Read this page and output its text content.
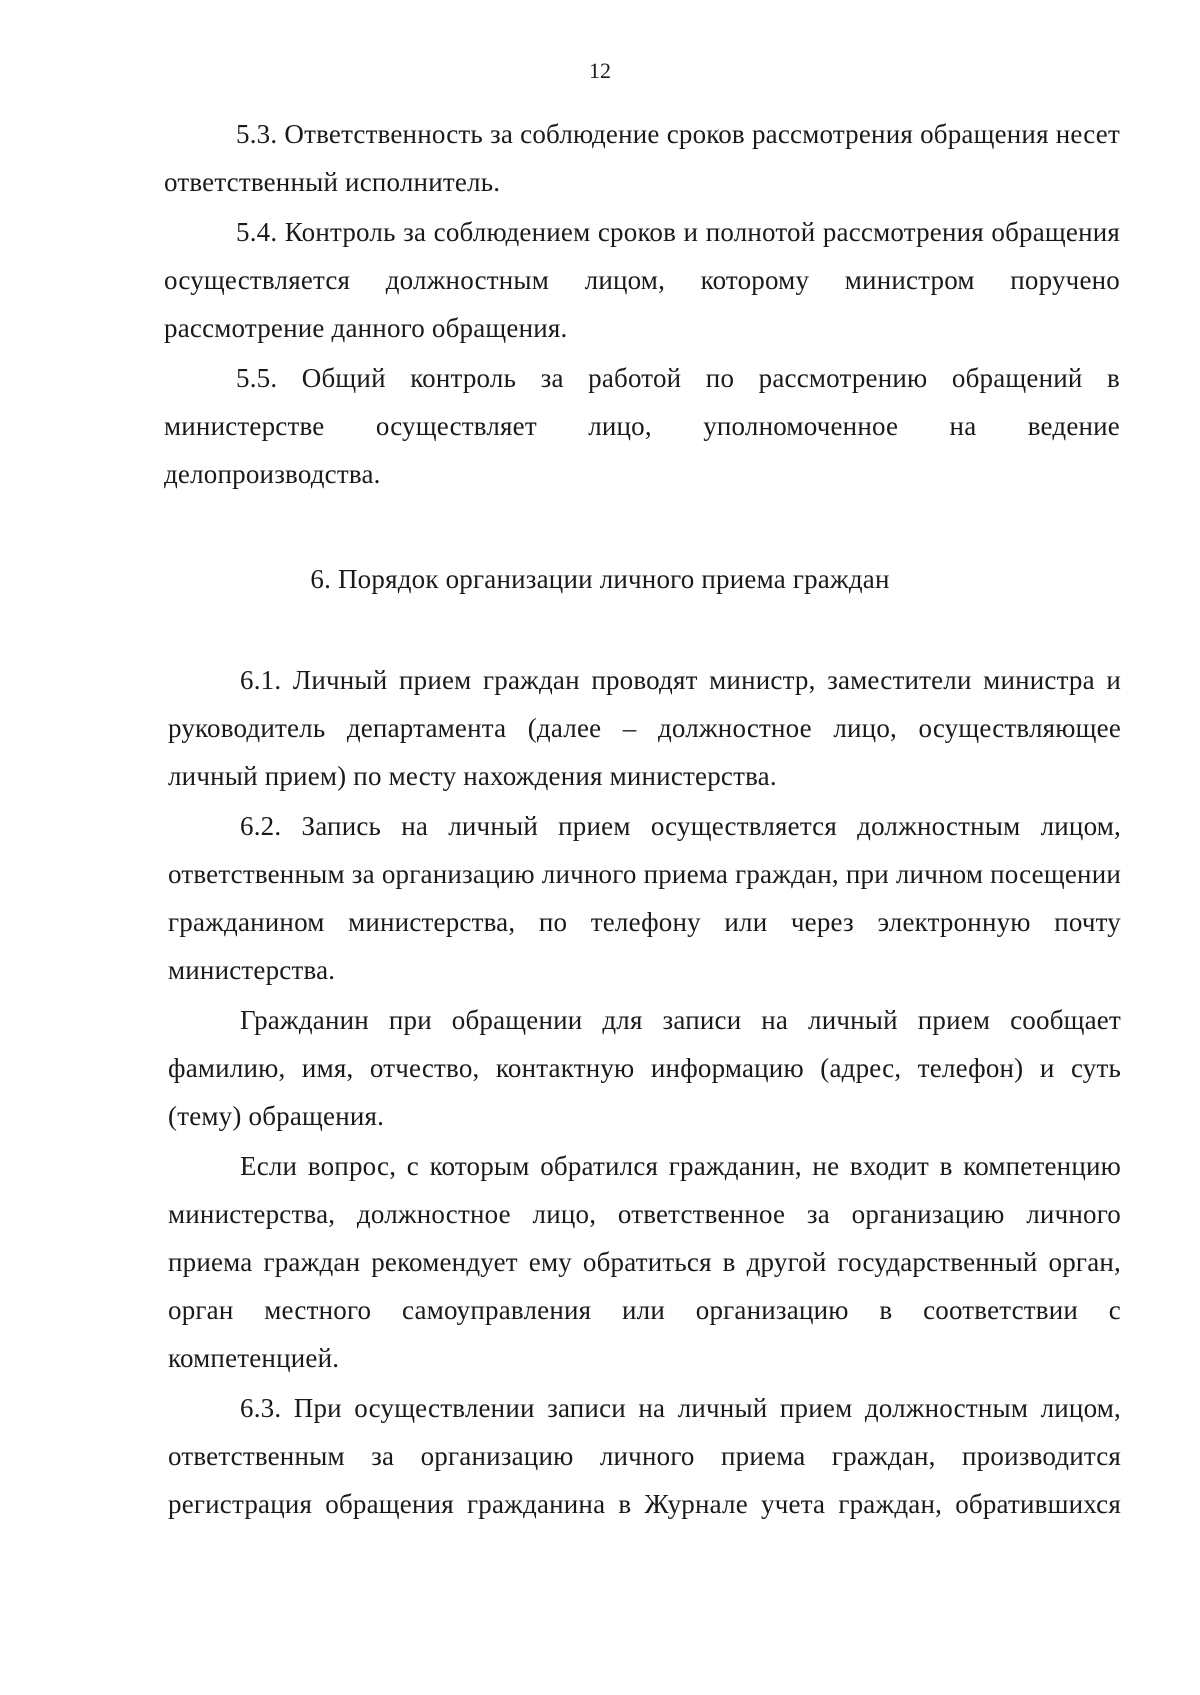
12

5.3. Ответственность за соблюдение сроков рассмотрения обращения несет ответственный исполнитель.

5.4. Контроль за соблюдением сроков и полнотой рассмотрения обращения осуществляется должностным лицом, которому министром поручено рассмотрение данного обращения.

5.5. Общий контроль за работой по рассмотрению обращений в министерстве осуществляет лицо, уполномоченное на ведение делопроизводства.

6. Порядок организации личного приема граждан

6.1. Личный прием граждан проводят министр, заместители министра и руководитель департамента (далее – должностное лицо, осуществляющее личный прием) по месту нахождения министерства.

6.2. Запись на личный прием осуществляется должностным лицом, ответственным за организацию личного приема граждан, при личном посещении гражданином министерства, по телефону или через электронную почту министерства.

Гражданин при обращении для записи на личный прием сообщает фамилию, имя, отчество, контактную информацию (адрес, телефон) и суть (тему) обращения.

Если вопрос, с которым обратился гражданин, не входит в компетенцию министерства, должностное лицо, ответственное за организацию личного приема граждан рекомендует ему обратиться в другой государственный орган, орган местного самоуправления или организацию в соответствии с компетенцией.

6.3. При осуществлении записи на личный прием должностным лицом, ответственным за организацию личного приема граждан, производится регистрация обращения гражданина в Журнале учета граждан, обратившихся
